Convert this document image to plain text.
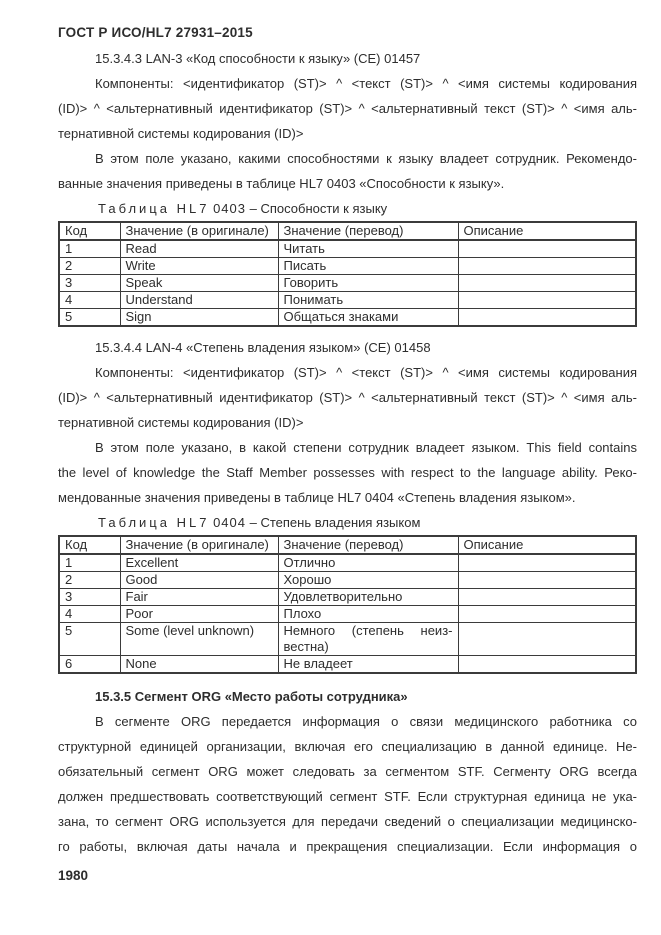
ГОСТ Р ИСО/HL7 27931–2015
15.3.4.3 LAN-3 «Код способности к языку» (CE) 01457
Компоненты: <идентификатор (ST)> ^ <текст (ST)> ^ <имя системы кодирования
(ID)> ^ <альтернативный идентификатор (ST)> ^ <альтернативный текст (ST)> ^ <имя аль-
тернативной системы кодирования (ID)>
В этом поле указано, какими способностями к языку владеет сотрудник. Рекомендо-
ванные значения приведены в таблице HL7 0403 «Способности к языку».
Таблица HL7 0403 – Способности к языку
Код	Значение (в оригинале)	Значение (перевод)	Описание
1	Read	Читать	
2	Write	Писать	
3	Speak	Говорить	
4	Understand	Понимать	
5	Sign	Общаться знаками	
15.3.4.4 LAN-4 «Степень владения языком» (CE) 01458
Компоненты: <идентификатор (ST)> ^ <текст (ST)> ^ <имя системы кодирования
(ID)> ^ <альтернативный идентификатор (ST)> ^ <альтернативный текст (ST)> ^ <имя аль-
тернативной системы кодирования (ID)>
В этом поле указано, в какой степени сотрудник владеет языком. This field contains
the level of knowledge the Staff Member possesses with respect to the language ability. Реко-
мендованные значения приведены в таблице HL7 0404 «Степень владения языком».
Таблица HL7 0404 – Степень владения языком
Код	Значение (в оригинале)	Значение (перевод)	Описание
1	Excellent	Отлично	
2	Good	Хорошо	
3	Fair	Удовлетворительно	
4	Poor	Плохо	
5	Some (level unknown)	Немного (степень неиз-
вестна)	

6	None	Не владеет	
15.3.5 Сегмент ORG «Место работы сотрудника»
В сегменте ORG передается информация о связи медицинского работника со
структурной единицей организации, включая его специализацию в данной единице. Не-
обязательный сегмент ORG может следовать за сегментом STF. Сегменту ORG всегда
должен предшествовать соответствующий сегмент STF. Если структурная единица не ука-
зана, то сегмент ORG используется для передачи сведений о специализации медицинско-
го работы, включая даты начала и прекращения специализации. Если информация о
1980
